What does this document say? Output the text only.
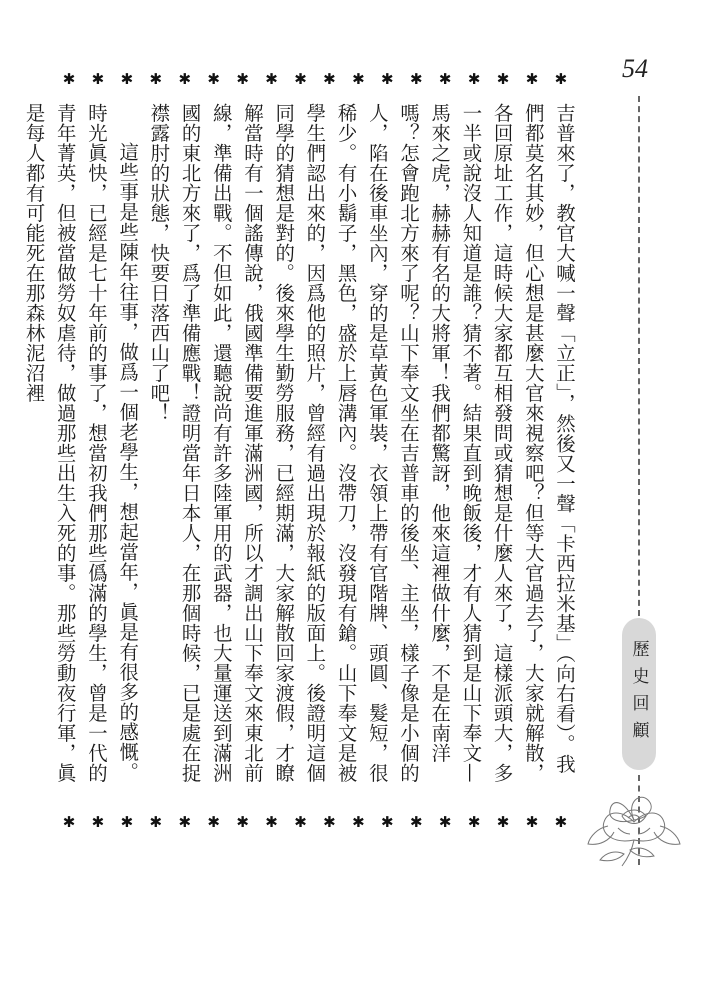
54
✱	✱	✱	✱	✱	✱	✱	✱	✱	✱	✱	✱	✱	✱	✱	✱	✱	✱

吉普來了，教官大喊一聲「立正」，然後又一聲「卡西拉米基」（向右看）。我們都莫名其妙，但心想是甚麼大官來視察吧？但等大官過去了，大家就解散，各回原址工作，這時候大家都互相發問或猜想是什麼人來了，這樣派頭大，多一半或說沒人知道是誰？猜不著。結果直到晚飯後，才有人猜到是山下奉文—馬來之虎，赫赫有名的大將軍！我們都驚訝，他來這裡做什麼，不是在南洋嗎？怎會跑北方來了呢？山下奉文坐在吉普車的後坐、主坐，樣子像是小個的人，陷在後車坐內，穿的是草黃色軍裝，衣領上帶有官階牌、頭圓、髮短，很稀少。有小鬍子，黑色，盛於上唇溝內。沒帶刀，沒發現有鎗。山下奉文是被學生們認出來的，因爲他的照片，曾經有過出現於報紙的版面上。後證明這個同學的猜想是對的。後來學生勤勞服務，已經期滿，大家解散回家渡假，才瞭解當時有一個謠傳說，俄國準備要進軍滿洲國，所以才調出山下奉文來東北前線，準備出戰。不但如此，還聽說尚有許多陸軍用的武器，也大量運送到滿洲國的東北方來了，爲了準備應戰！證明當年日本人，在那個時候，已是處在捉襟露肘的狀態，快要日落西山了吧！

這些事是些陳年往事，做爲一個老學生，想起當年，眞是有很多的感慨。時光眞快，已經是七十年前的事了，想當初我們那些僞滿的學生，曾是一代的青年菁英，但被當做勞奴虐待，做過那些出生入死的事。那些勞動夜行軍，眞是每人都有可能死在那森林泥沼裡

✱	✱	✱	✱	✱	✱	✱	✱	✱	✱	✱	✱	✱	✱	✱	✱	✱	✱
歷史回顧
